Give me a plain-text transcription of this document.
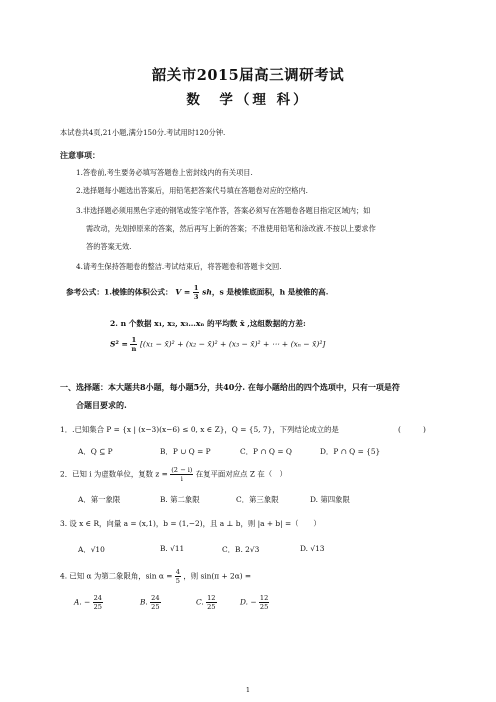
韶关市2015届高三调研考试
数　学（理 科）
本试卷共4页,21小题,满分150分.考试用时120分钟.
注意事项：
1.答卷前,考生要务必填写答题卷上密封线内的有关项目.
2.选择题每小题选出答案后，用铅笔把答案代号填在答题卷对应的空格内.
3.非选择题必须用黑色字迹的钢笔或签字笔作答，答案必须写在答题卷各题目指定区域内；如
需改动，先划掉原来的答案，然后再写上新的答案；不准使用铅笔和涂改液.不按以上要求作
答的答案无效.
4.请考生保持答题卷的整洁.考试结束后，将答题卷和答题卡交回.
参考公式：1.棱锥的体积公式： $V = \frac{1}{3}$ sh，s 是棱锥底面积，h 是棱锥的高.
2. n 个数据 x₁, x₂, x₃…xₙ 的平均数 x̄ ,这组数据的方差:
$S^2 = \frac{1}{n} [(x_1$ − x̄)² + (x₂ − x̄)² + (x₃ − x̄)² + ⋯ + (xₙ − x̄)²]
一、选择题：本大题共8小题，每小题5分，共40分. 在每小题给出的四个选项中，只有一项是符
合题目要求的.
1．.已知集合 P = {x | (x−3)(x−6) ≤ 0, x ∈ Z}，Q = {5, 7}，下列结论成立的是	(　　　)
A．Q ⊆ P	B．P ∪ Q = P	C．P ∩ Q = Q	D．P ∩ Q = {5}
2．已知 i 为虚数单位，复数 $z = \frac{(2 - i)}{i}$ 在复平面对应点 Z 在（　）
A．第一象限	B. 第二象限	C．第三象限	D. 第四象限
3. 设 x ∈ R，向量 a = (x,1)，b = (1,−2)，且 a ⊥ b，则 |a + b| =（　　）
A．√10	B. √11	C．B. 2√3	D. √13
4. 已知 α 为第二象限角，$\sin \alpha = \frac{4}{5}$ ，则 sin(π + 2α) =
A. − $\frac{24}{25}$	B. $\frac{24}{25}$	C. $\frac{12}{25}$	D. − $\frac{12}{25}$
1
